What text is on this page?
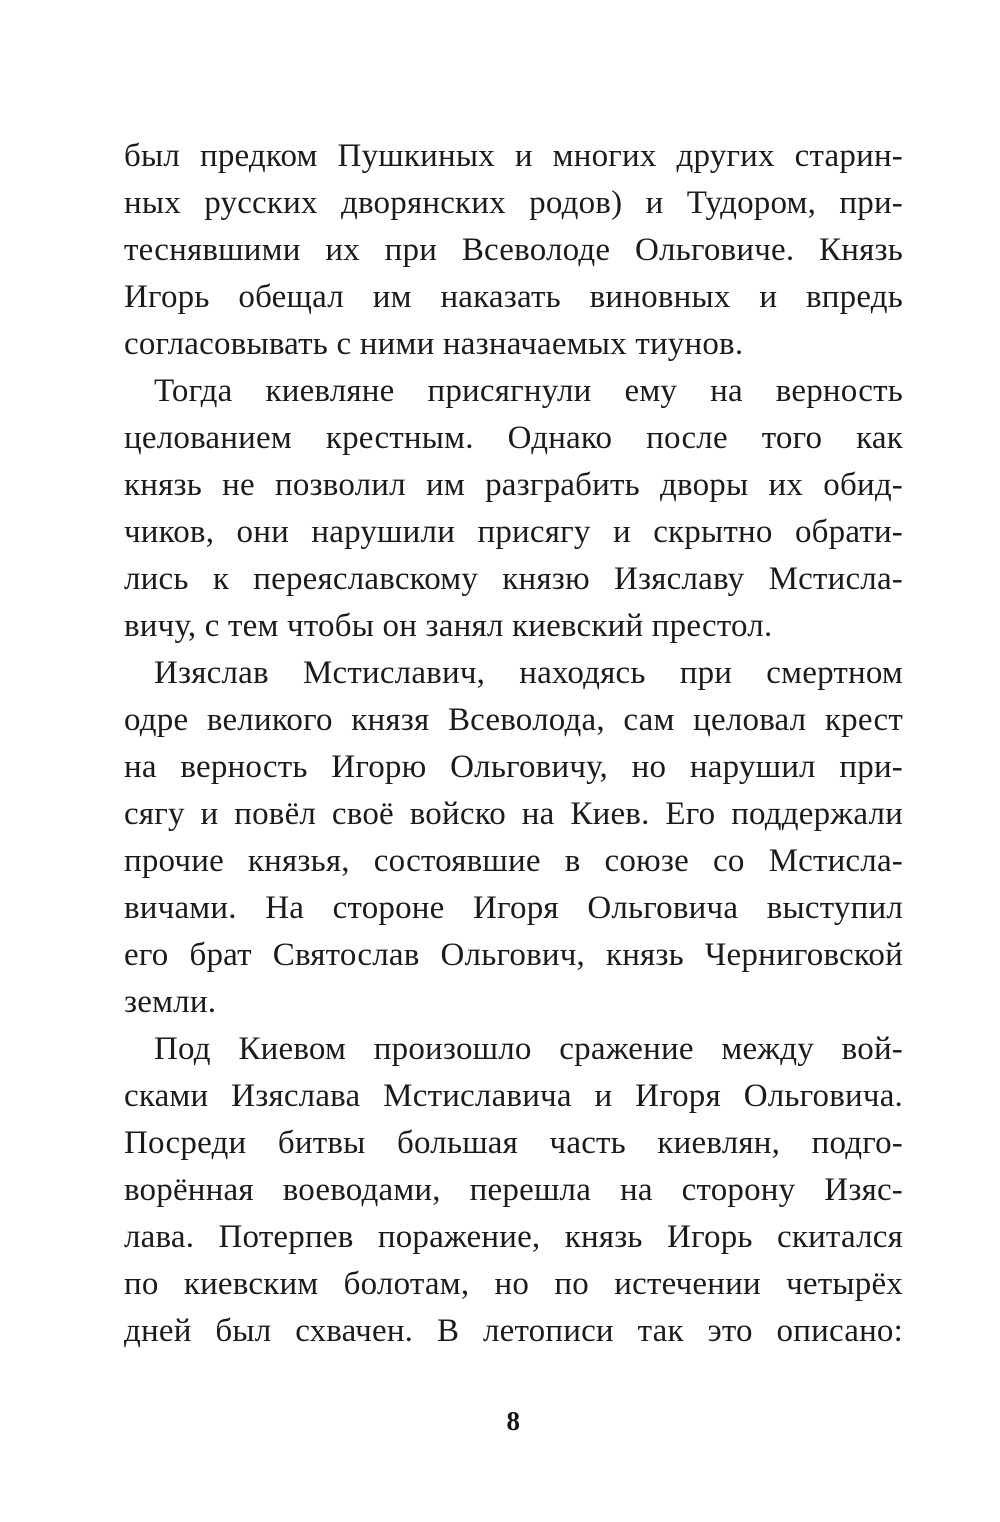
был предком Пушкиных и многих других старин-
ных русских дворянских родов) и Тудором, при-
теснявшими их при Всеволоде Ольговиче. Князь
Игорь обещал им наказать виновных и впредь
согласовывать с ними назначаемых тиунов.

Тогда киевляне присягнули ему на верность
целованием крестным. Однако после того как
князь не позволил им разграбить дворы их обид-
чиков, они нарушили присягу и скрытно обрати-
лись к переяславскому князю Изяславу Мстисла-
вичу, с тем чтобы он занял киевский престол.

Изяслав Мстиславич, находясь при смертном
одре великого князя Всеволода, сам целовал крест
на верность Игорю Ольговичу, но нарушил при-
сягу и повёл своё войско на Киев. Его поддержали
прочие князья, состоявшие в союзе со Мстисла-
вичами. На стороне Игоря Ольговича выступил
его брат Святослав Ольгович, князь Черниговской
земли.

Под Киевом произошло сражение между вой-
сками Изяслава Мстиславича и Игоря Ольговича.
Посреди битвы большая часть киевлян, подго-
ворённая воеводами, перешла на сторону Изяс-
лава. Потерпев поражение, князь Игорь скитался
по киевским болотам, но по истечении четырёх
дней был схвачен. В летописи так это описано:

8
